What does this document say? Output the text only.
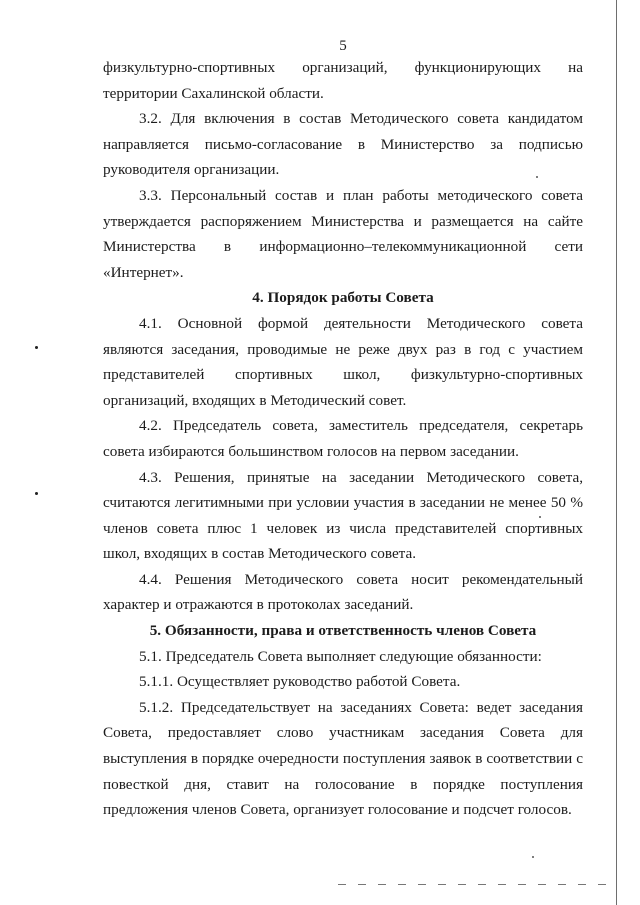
5

физкультурно-спортивных организаций, функционирующих на территории Сахалинской области.

3.2. Для включения в состав Методического совета кандидатом направляется письмо-согласование в Министерство за подписью руководителя организации.

3.3. Персональный состав и план работы методического совета утверждается распоряжением Министерства и размещается на сайте Министерства в информационно–телекоммуникационной сети «Интернет».

4. Порядок работы Совета

4.1. Основной формой деятельности Методического совета являются заседания, проводимые не реже двух раз в год с участием представителей спортивных школ, физкультурно-спортивных организаций, входящих в Методический совет.

4.2. Председатель совета, заместитель председателя, секретарь совета избираются большинством голосов на первом заседании.

4.3. Решения, принятые на заседании Методического совета, считаются легитимными при условии участия в заседании не менее 50 % членов совета плюс 1 человек из числа представителей спортивных школ, входящих в состав Методического совета.

4.4. Решения Методического совета носит рекомендательный характер и отражаются в протоколах заседаний.

5. Обязанности, права и ответственность членов Совета

5.1. Председатель Совета выполняет следующие обязанности:

5.1.1. Осуществляет руководство работой Совета.

5.1.2. Председательствует на заседаниях Совета: ведет заседания Совета, предоставляет слово участникам заседания Совета для выступления в порядке очередности поступления заявок в соответствии с повесткой дня, ставит на голосование в порядке поступления предложения членов Совета, организует голосование и подсчет голосов.
